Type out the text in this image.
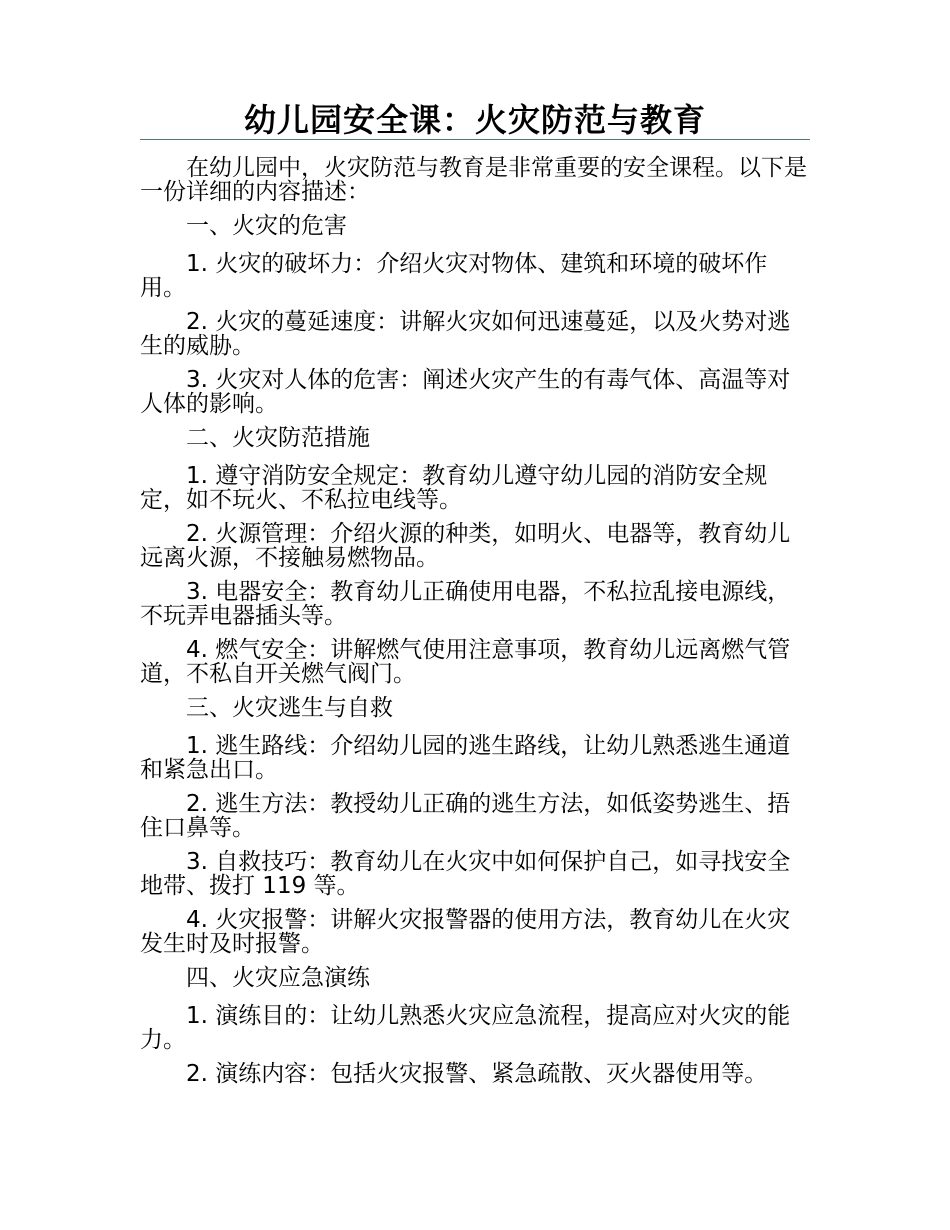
幼儿园安全课：火灾防范与教育

在幼儿园中，火灾防范与教育是非常重要的安全课程。以下是一份详细的内容描述：

一、火灾的危害

1. 火灾的破坏力：介绍火灾对物体、建筑和环境的破坏作用。

2. 火灾的蔓延速度：讲解火灾如何迅速蔓延，以及火势对逃生的威胁。

3. 火灾对人体的危害：阐述火灾产生的有毒气体、高温等对人体的影响。

二、火灾防范措施

1. 遵守消防安全规定：教育幼儿遵守幼儿园的消防安全规定，如不玩火、不私拉电线等。

2. 火源管理：介绍火源的种类，如明火、电器等，教育幼儿远离火源，不接触易燃物品。

3. 电器安全：教育幼儿正确使用电器，不私拉乱接电源线，不玩弄电器插头等。

4. 燃气安全：讲解燃气使用注意事项，教育幼儿远离燃气管道，不私自开关燃气阀门。

三、火灾逃生与自救

1. 逃生路线：介绍幼儿园的逃生路线，让幼儿熟悉逃生通道和紧急出口。

2. 逃生方法：教授幼儿正确的逃生方法，如低姿势逃生、捂住口鼻等。

3. 自救技巧：教育幼儿在火灾中如何保护自己，如寻找安全地带、拨打 119 等。

4. 火灾报警：讲解火灾报警器的使用方法，教育幼儿在火灾发生时及时报警。

四、火灾应急演练

1. 演练目的：让幼儿熟悉火灾应急流程，提高应对火灾的能力。

2. 演练内容：包括火灾报警、紧急疏散、灭火器使用等。
